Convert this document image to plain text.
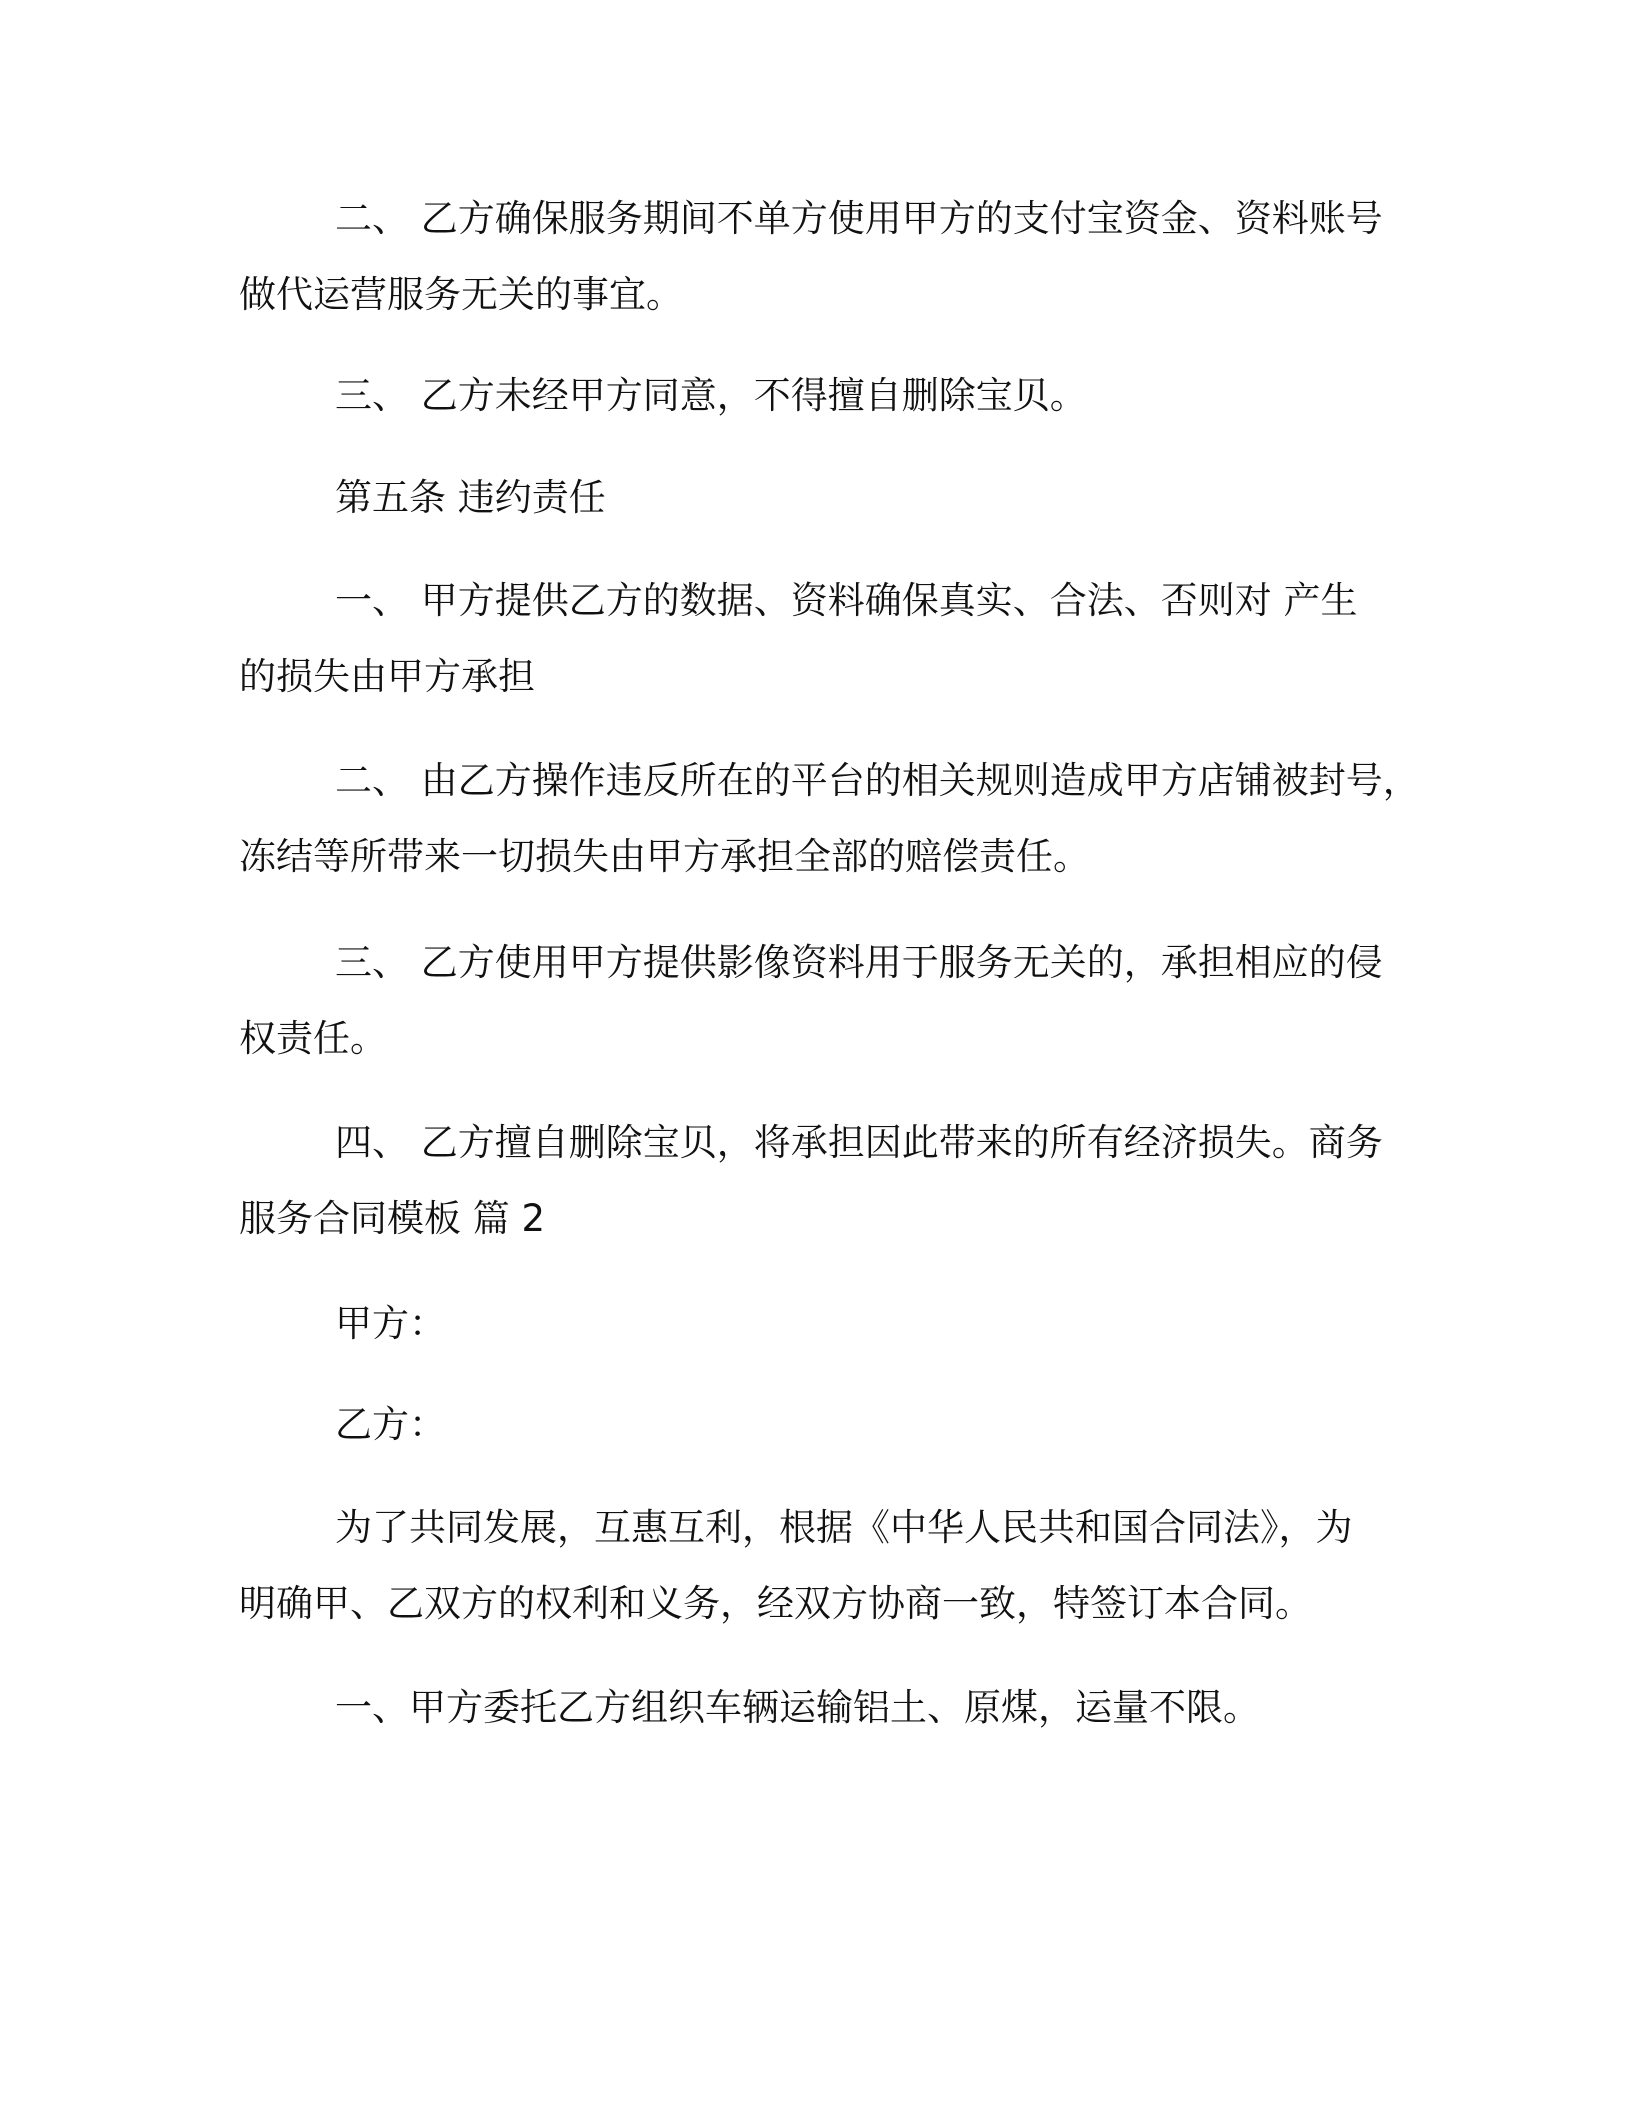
二、 乙方确保服务期间不单方使用甲方的支付宝资金、资料账号
做代运营服务无关的事宜。

三、 乙方未经甲方同意，不得擅自删除宝贝。

第五条 违约责任

一、 甲方提供乙方的数据、资料确保真实、合法、否则对 产生
的损失由甲方承担

二、 由乙方操作违反所在的平台的相关规则造成甲方店铺被封号，
冻结等所带来一切损失由甲方承担全部的赔偿责任。

三、 乙方使用甲方提供影像资料用于服务无关的，承担相应的侵
权责任。

四、 乙方擅自删除宝贝，将承担因此带来的所有经济损失。商务
服务合同模板 篇 2

甲方：

乙方：

为了共同发展，互惠互利，根据《中华人民共和国合同法》，为
明确甲、乙双方的权利和义务，经双方协商一致，特签订本合同。

一、甲方委托乙方组织车辆运输铝土、原煤，运量不限。
